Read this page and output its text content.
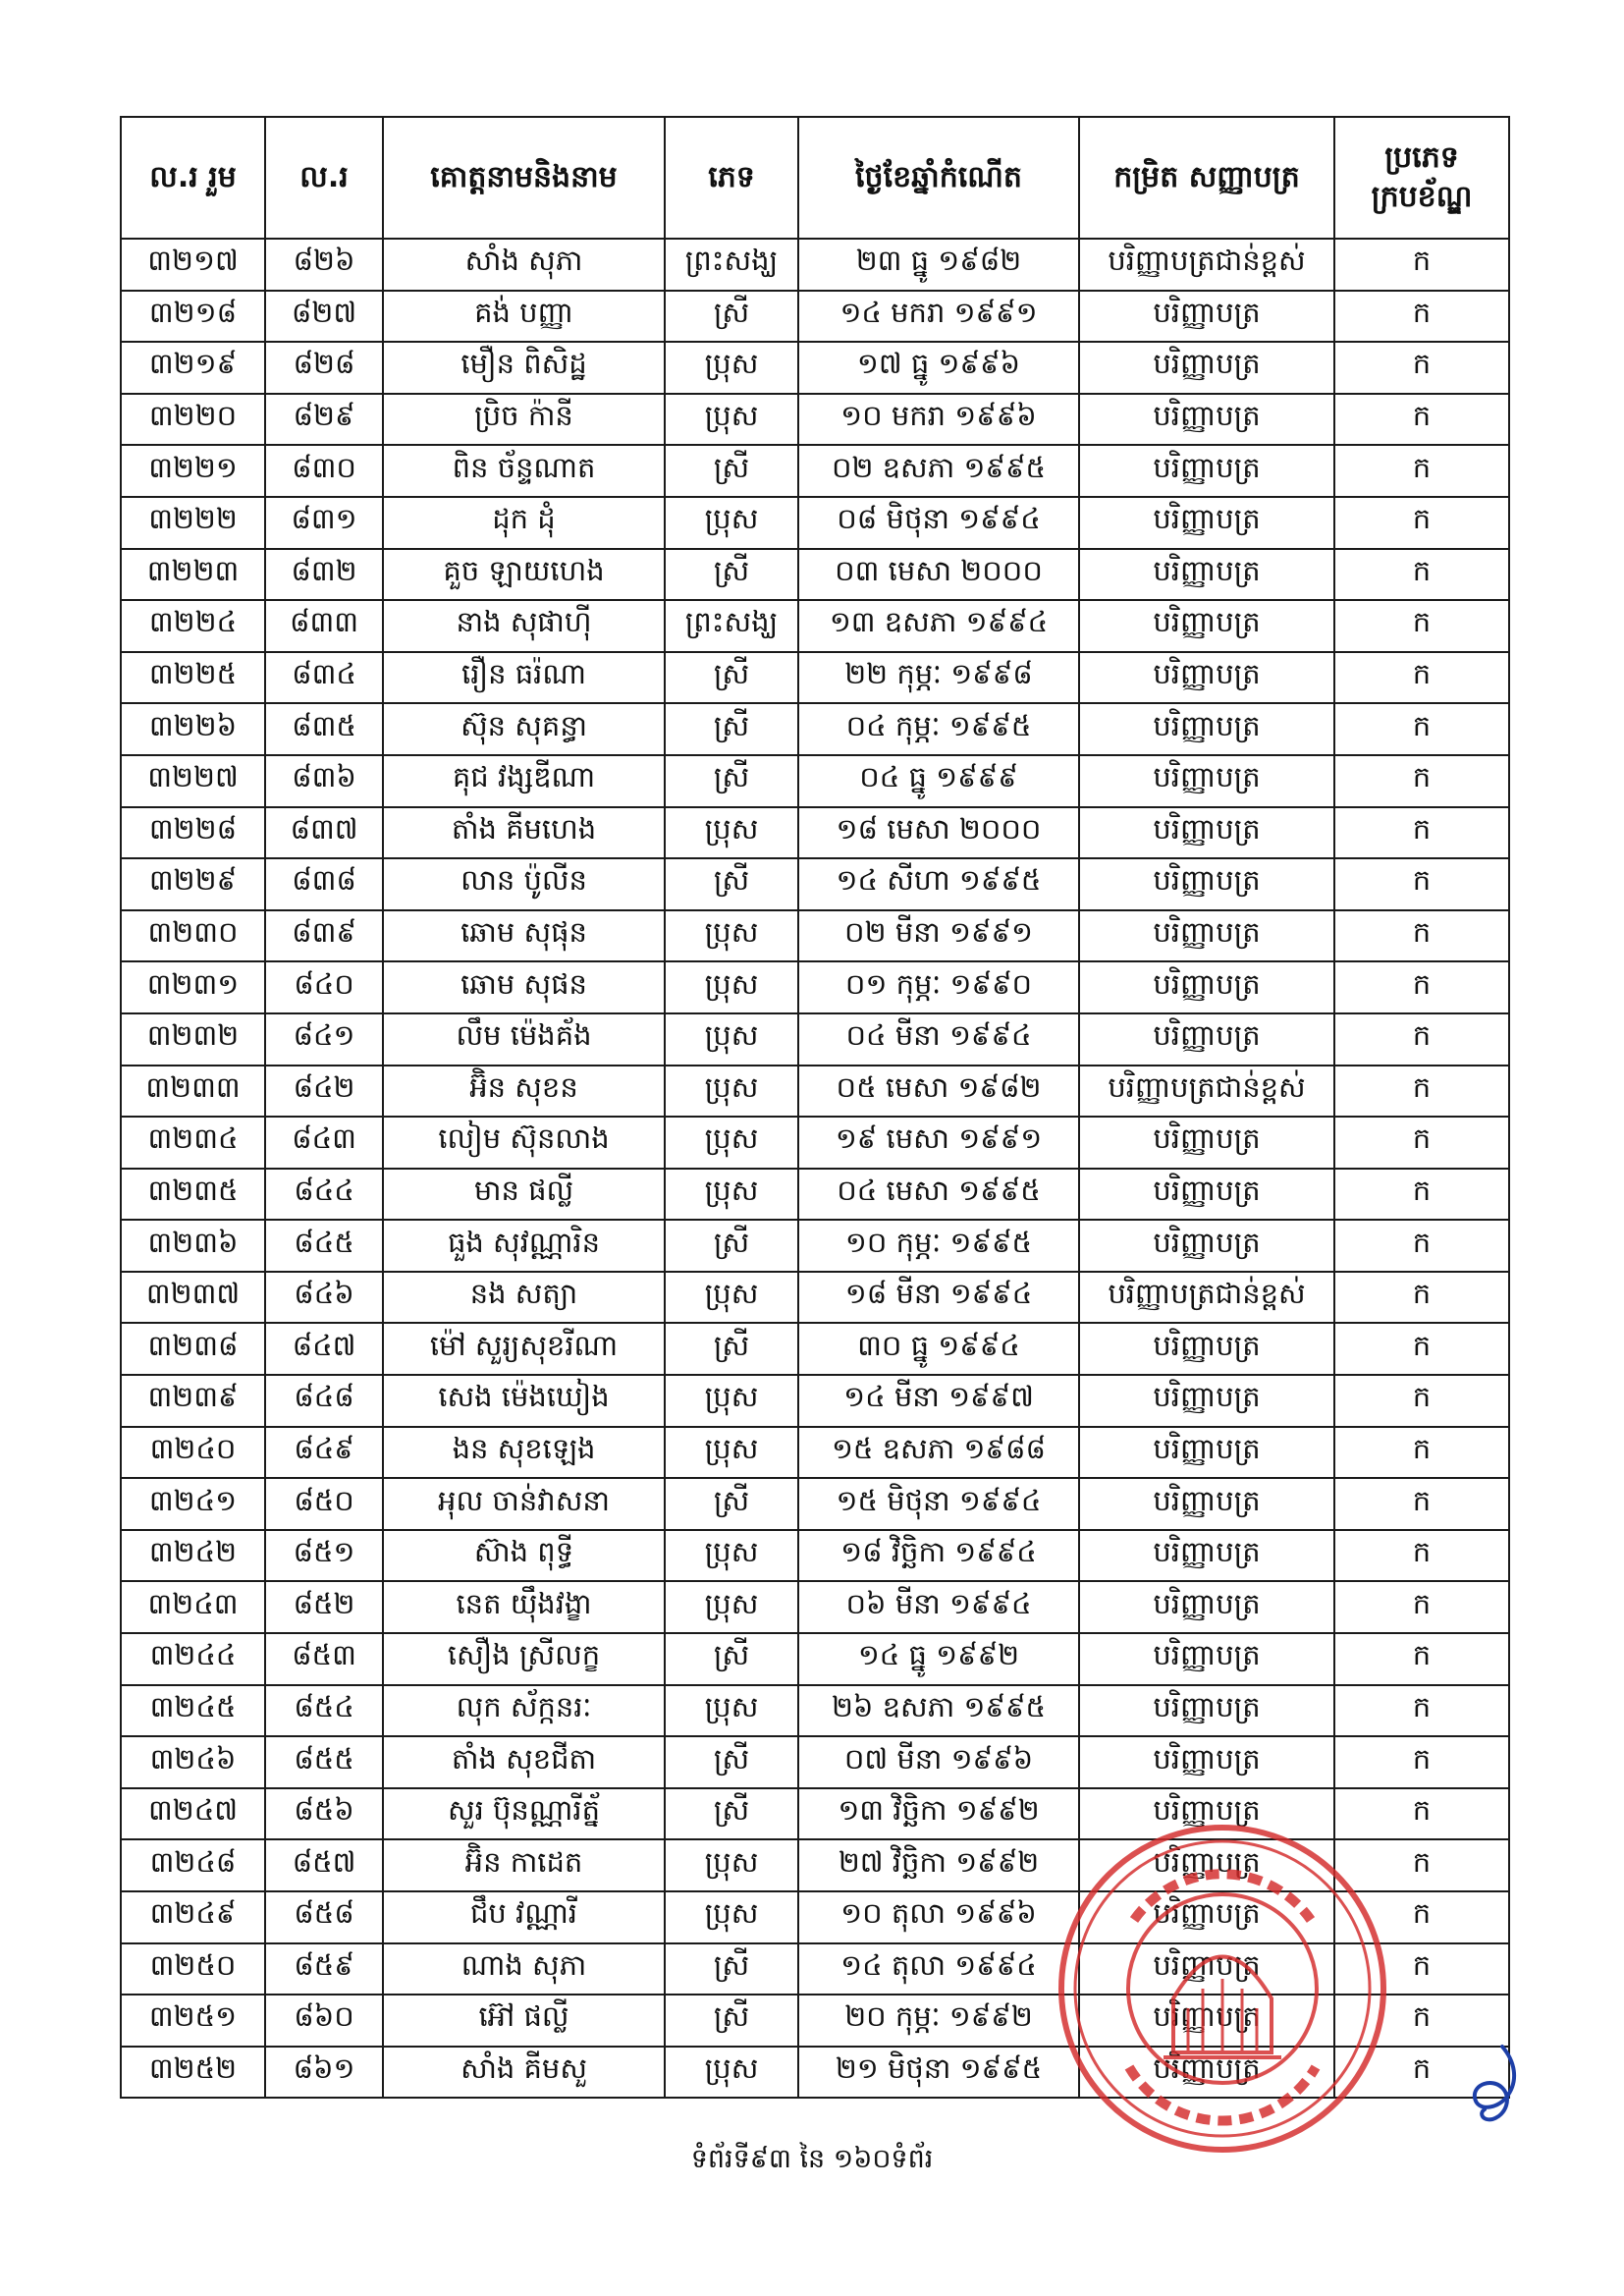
ល.រ រួម	ល.រ	គោត្តនាមនិងនាម	ភេទ	ថ្ងៃខែឆ្នាំកំណើត	កម្រិត សញ្ញាបត្រ	ប្រភេទ ក្របខ័ណ្ឌ
៣២១៧	៨២៦	សាំង សុភា	ព្រះសង្ឃ	២៣ ធ្នូ ១៩៨២	បរិញ្ញាបត្រជាន់ខ្ពស់	ក
៣២១៨	៨២៧	គង់ បញ្ញា	ស្រី	១៤ មករា ១៩៩១	បរិញ្ញាបត្រ	ក
៣២១៩	៨២៨	មឿន ពិសិដ្ឋ	ប្រុស	១៧ ធ្នូ ១៩៩៦	បរិញ្ញាបត្រ	ក
៣២២០	៨២៩	ប្រិច ក៉ានី	ប្រុស	១០ មករា ១៩៩៦	បរិញ្ញាបត្រ	ក
៣២២១	៨៣០	ពិន ច័ន្ទណាត	ស្រី	០២ ឧសភា ១៩៩៥	បរិញ្ញាបត្រ	ក
៣២២២	៨៣១	ដុក ដុំ	ប្រុស	០៨ មិថុនា ១៩៩៤	បរិញ្ញាបត្រ	ក
៣២២៣	៨៣២	គួច ឡាយហេង	ស្រី	០៣ មេសា ២០០០	បរិញ្ញាបត្រ	ក
៣២២៤	៨៣៣	នាង សុផាហ៊ី	ព្រះសង្ឃ	១៣ ឧសភា ១៩៩៤	បរិញ្ញាបត្រ	ក
៣២២៥	៨៣៤	រឿន ធរ៉ណា	ស្រី	២២ កុម្ភៈ ១៩៩៨	បរិញ្ញាបត្រ	ក
៣២២៦	៨៣៥	ស៊ុន សុគន្ធា	ស្រី	០៤ កុម្ភៈ ១៩៩៥	បរិញ្ញាបត្រ	ក
៣២២៧	៨៣៦	គុជ វង្សឌីណា	ស្រី	០៤ ធ្នូ ១៩៩៩	បរិញ្ញាបត្រ	ក
៣២២៨	៨៣៧	តាំង គីមហេង	ប្រុស	១៨ មេសា ២០០០	បរិញ្ញាបត្រ	ក
៣២២៩	៨៣៨	លាន ប៉ូលីន	ស្រី	១៤ សីហា ១៩៩៥	បរិញ្ញាបត្រ	ក
៣២៣០	៨៣៩	ឆោម សុផុន	ប្រុស	០២ មីនា ១៩៩១	បរិញ្ញាបត្រ	ក
៣២៣១	៨៤០	ឆោម សុផន	ប្រុស	០១ កុម្ភៈ ១៩៩០	បរិញ្ញាបត្រ	ក
៣២៣២	៨៤១	លឹម ម៉េងគ័ង	ប្រុស	០៤ មីនា ១៩៩៤	បរិញ្ញាបត្រ	ក
៣២៣៣	៨៤២	អ៊ិន សុខន	ប្រុស	០៥ មេសា ១៩៨២	បរិញ្ញាបត្រជាន់ខ្ពស់	ក
៣២៣៤	៨៤៣	លៀម ស៊ុនលាង	ប្រុស	១៩ មេសា ១៩៩១	បរិញ្ញាបត្រ	ក
៣២៣៥	៨៤៤	មាន ផល្លី	ប្រុស	០៤ មេសា ១៩៩៥	បរិញ្ញាបត្រ	ក
៣២៣៦	៨៤៥	ធួង សុវណ្ណារិន	ស្រី	១០ កុម្ភៈ ១៩៩៥	បរិញ្ញាបត្រ	ក
៣២៣៧	៨៤៦	នង សត្យា	ប្រុស	១៨ មីនា ១៩៩៤	បរិញ្ញាបត្រជាន់ខ្ពស់	ក
៣២៣៨	៨៤៧	ម៉ៅ សួរ្យសុខរីណា	ស្រី	៣០ ធ្នូ ១៩៩៤	បរិញ្ញាបត្រ	ក
៣២៣៩	៨៤៨	សេង ម៉េងឃៀង	ប្រុស	១៤ មីនា ១៩៩៧	បរិញ្ញាបត្រ	ក
៣២៤០	៨៤៩	ងន សុខឡេង	ប្រុស	១៥ ឧសភា ១៩៨៨	បរិញ្ញាបត្រ	ក
៣២៤១	៨៥០	អុល ចាន់វាសនា	ស្រី	១៥ មិថុនា ១៩៩៤	បរិញ្ញាបត្រ	ក
៣២៤២	៨៥១	ស៊ាង ពុទ្ធី	ប្រុស	១៨ វិច្ឆិកា ១៩៩៤	បរិញ្ញាបត្រ	ក
៣២៤៣	៨៥២	នេត យ៉ឹងវង្ខា	ប្រុស	០៦ មីនា ១៩៩៤	បរិញ្ញាបត្រ	ក
៣២៤៤	៨៥៣	សឿង ស្រីលក្ខ	ស្រី	១៤ ធ្នូ ១៩៩២	បរិញ្ញាបត្រ	ក
៣២៤៥	៨៥៤	លុក ស័ក្កនរៈ	ប្រុស	២៦ ឧសភា ១៩៩៥	បរិញ្ញាបត្រ	ក
៣២៤៦	៨៥៥	តាំង សុខជីតា	ស្រី	០៧ មីនា ១៩៩៦	បរិញ្ញាបត្រ	ក
៣២៤៧	៨៥៦	សួរ ប៊ុនណ្ណារីត្ន័	ស្រី	១៣ វិច្ឆិកា ១៩៩២	បរិញ្ញាបត្រ	ក
៣២៤៨	៨៥៧	អ៊ិន កាដេត	ប្រុស	២៧ វិច្ឆិកា ១៩៩២	បរិញ្ញាបត្រ	ក
៣២៤៩	៨៥៨	ជឹប វណ្ណារី	ប្រុស	១០ តុលា ១៩៩៦	បរិញ្ញាបត្រ	ក
៣២៥០	៨៥៩	ណាង សុភា	ស្រី	១៤ តុលា ១៩៩៤	បរិញ្ញាបត្រ	ក
៣២៥១	៨៦០	អ៊ៅ ផល្លី	ស្រី	២០ កុម្ភៈ ១៩៩២	បរិញ្ញាបត្រ	ក
៣២៥២	៨៦១	សាំង គីមសួ	ប្រុស	២១ មិថុនា ១៩៩៥	បរិញ្ញាបត្រ	ក
ទំព័រទី៩៣ នៃ ១៦០ទំព័រ
